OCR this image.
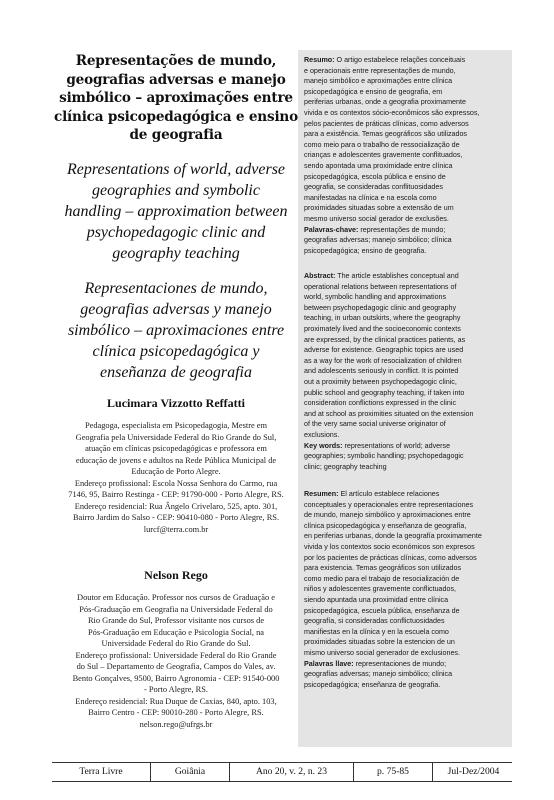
Representações de mundo,
geografias adversas e manejo
simbólico – aproximações entre
clínica psicopedagógica e ensino
de geografia
Representations of world, adverse
geographies and symbolic
handling – approximation between
psychopedagogic clinic and
geography teaching
Representaciones de mundo,
geografias adversas y manejo
simbólico – aproximaciones entre
clínica psicopedagógica y
enseñanza de geografia

Lucimara Vizzotto Reffatti

Pedagoga, especialista em Psicopedagogia, Mestre em
Geografia pela Universidade Federal do Rio Grande do Sul,
atuação em clínicas psicopedagógicas e professora em
educação de jovens e adultos na Rede Pública Municipal de
Educação de Porto Alegre.
Endereço profissional: Escola Nossa Senhora do Carmo, rua
7146, 95, Bairro Restinga - CEP: 91790-000 - Porto Alegre, RS.
Endereço residencial: Rua Ângelo Crivelaro, 525, apto. 301,
Bairro Jardim do Salso - CEP: 90410-080 - Porto Alegre, RS.
lurcf@terra.com.br

Nelson Rego

Doutor em Educação. Professor nos cursos de Graduação e
Pós-Graduação em Geografia na Universidade Federal do
Rio Grande do Sul, Professor visitante nos cursos de
Pós-Graduação em Educação e Psicologia Social, na
Universidade Federal do Rio Grande do Sul.
Endereço profissional: Universidade Federal do Rio Grande
do Sul – Departamento de Geografia, Campos do Vales, av.
Bento Gonçalves, 9500, Bairro Agronomia - CEP: 91540-000
- Porto Alegre, RS.
Endereço residencial: Rua Duque de Caxias, 840, apto. 103,
Bairro Centro - CEP: 90010-280 - Porto Alegre, RS.
nelson.rego@ufrgs.br
Resumo: O artigo estabelece relações conceituais
e operacionais entre representações de mundo,
manejo simbólico e aproximações entre clínica
psicopedagógica e ensino de geografia, em
periferias urbanas, onde a geografia proximamente
vivida e os contextos sócio-econômicos são expressos,
pelos pacientes de práticas clínicas, como adversos
para a existência. Temas geográficos são utilizados
como meio para o trabalho de ressocialização de
crianças e adolescentes gravemente conflituados,
sendo apontada uma proximidade entre clínica
psicopedagógica, escola pública e ensino de
geografia, se consideradas conflituosidades
manifestadas na clínica e na escola como
proximidades situadas sobre a extensão de um
mesmo universo social gerador de exclusões.
Palavras-chave: representações de mundo;
geografias adversas; manejo simbólico; clínica
psicopedagógica; ensino de geografia.
Abstract: The article establishes conceptual and
operational relations between representations of
world, symbolic handling and approximations
between psychopedagogic clinic and geography
teaching, in urban outskirts, where the geography
proximately lived and the socioeconomic contexts
are expressed, by the clinical practices patients, as
adverse for existence. Geographic topics are used
as a way for the work of resocialization of children
and adolescents seriously in conflict. It is pointed
out a proximity between psychopedagogic clinic,
public school and geography teaching, if taken into
consideration conflictions expressed in the clinic
and at school as proximities situated on the extension
of the very same social universe originator of
exclusions.
Key words: representations of world; adverse
geographies; symbolic handling; psychopedagogic
clinic; geography teaching
Resumen: El artículo establece relaciones
conceptuales y operacionales entre representaciones
de mundo, manejo simbólico y aproximaciones entre
clínica psicopedagógica y enseñanza de geografía,
en periferias urbanas, donde la geografía proximamente
vivida y los contextos socio económicos son expresos
por los pacientes de prácticas clínicas, como adversos
para existencia. Temas geográficos son utilizados
como medio para el trabajo de resocialización de
niños y adolescentes gravemente conflictuados,
siendo apuntada una proximidad entre clínica
psicopedagógica, escuela pública, enseñanza de
geografía, si consideradas conflictuosidades
manifiestas en la clínica y en la escuela como
proximidades situadas sobre la estencion de un
mismo universo social generador de exclusiones.
Palavras llave: representaciones de mundo;
geografías adversas; manejo simbólico; clínica
psicopedagógica; enseñanza de geografia.
Terra Livre	Goiânia	Ano 20, v. 2, n. 23	p. 75-85	Jul-Dez/2004
